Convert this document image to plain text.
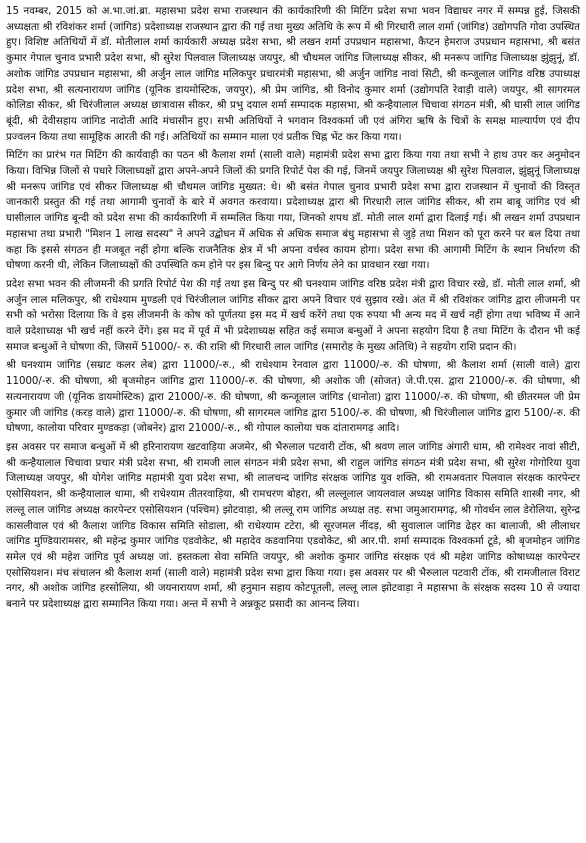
15 नवम्बर, 2015 को अ.भा.जां.ब्रा. महासभा प्रदेश सभा राजस्थान की कार्यकारिणी की मिटिंग प्रदेश सभा भवन विद्याधर नगर में सम्पन्न हुई, जिसकी अध्यक्षता श्री रविशंकर शर्मा (जांगिड) प्रदेशाध्यक्ष राजस्थान द्वारा की गई तथा मुख्य अतिथि के रूप में श्री गिरधारी लाल शर्मा (जांगिड) उद्योगपति गोवा उपस्थित हुए। विशिष्ट अतिथियों में डॉ. मोतीलाल शर्मा कार्यकारी अध्यक्ष प्रदेश सभा, श्री लखन शर्मा उपप्रधान महासभा, कैप्टन हेमराज उपप्रधान महासभा, श्री बसंत कुमार गेपाल चुनाव प्रभारी प्रदेश सभा, श्री सुरेश पिलवाल जिलाध्यक्ष जयपुर, श्री चौथमल जांगिड जिलाध्यक्ष सीकर, श्री मनरूप जांगिड जिलाध्यक्ष झुंझुनूं, डॉ. अशोक जांगिड उपप्रधान महासभा, श्री अर्जुन लाल जांगिड मलिकपुर प्रचारमंत्री महासभा, श्री अर्जुन जांगिड नावां सिटी, श्री कन्जूलाल जांगिड वरिष्ठ उपाध्यक्ष प्रदेश सभा, श्री सत्यनारायण जांगिड (यूनिक डायमोस्टिक, जयपुर), श्री प्रेम जांगिड, श्री विनोद कुमार शर्मा (उद्योगपति रेवाड़ी वाले) जयपुर, श्री सागरमल कोलिडा सीकर, श्री चिरंजीलाल अध्यक्ष छात्रावास सीकर, श्री प्रभु दयाल शर्मा सम्पादक महासभा, श्री कन्हैयालाल चिचावा संगठन मंत्री, श्री घासी लाल जांगिड बूंदी, श्री देवीसहाय जांगिड नादोती आदि मंचासीन हुए। सभी अतिथियों ने भगवान विश्वकर्मा जी एवं अंगिरा ऋषि के चित्रों के समक्ष माल्यार्पण एवं दीप प्रज्वलन किया तथा सामूहिक आरती की गई। अतिथियों का सम्मान माला एवं प्रतीक चिह्न भेंट कर किया गया।

मिटिंग का प्रारंभ गत मिटिंग की कार्यवाही का पठन श्री कैलाश शर्मा (साली वाले) महामंत्री प्रदेश सभा द्वारा किया गया तथा सभी ने हाथ उपर कर अनुमोदन किया। विभिन्न जिलों से पधारे जिलाध्यक्षों द्वारा अपने-अपने जिलों की प्रगति रिपोर्ट पेश की गई, जिनमें जयपुर जिलाध्यक्ष श्री सुरेश पिलवाल, झुंझुनूं जिलाध्यक्ष श्री मनरूप जांगिड एवं सीकर जिलाध्यक्ष श्री चौथमल जांगिड मुख्यत: थे। श्री बसंत गेपाल चुनाव प्रभारी प्रदेश सभा द्वारा राजस्थान में चुनावों की विस्तृत जानकारी प्रस्तुत की गई तथा आगामी चुनावों के बारे में अवगत करवाया। प्रदेशाध्यक्ष द्वारा श्री गिरधारी लाल जांगिड सीकर, श्री राम बाबू जांगिड एवं श्री घासीलाल जांगिड बून्दी को प्रदेश सभा की कार्यकारिणी में सम्मलित किया गया, जिनको शपथ डॉ. मोती लाल शर्मा द्वारा दिलाई गई। श्री लखन शर्मा उपप्रधान महासभा तथा प्रभारी "मिशन 1 लाख सदस्य" ने अपने उद्बोधन में अधिक से अधिक समाज बंधु महासभा से जुड़े तथा मिशन को पूरा करने पर बल दिया तथा कहा कि इससे संगठन ही मजबूत नहीं होगा बल्कि राजनैतिक क्षेत्र में भी अपना वर्चस्व कायम होगा। प्रदेश सभा की आगामी मिटिंग के स्थान निर्धारण की घोषणा करनी थी, लेकिन जिलाध्यक्षों की उपस्थिति कम होने पर इस बिन्दु पर आगे निर्णय लेने का प्रावधान रखा गया।

प्रदेश सभा भवन की लीजमनी की प्रगति रिपोर्ट पेश की गई तथा इस बिन्दु पर श्री घनश्याम जांगिड वरिष्ठ प्रदेश मंत्री द्वारा विचार रखे, डॉ. मोती लाल शर्मा, श्री अर्जुन लाल मलिकपुर, श्री राधेश्याम मुण्डली एवं चिरंजीलाल जांगिड सीकर द्वारा अपने विचार एवं सुझाव रखे। अंत में श्री रविशंकर जांगिड द्वारा लीजमनी पर सभी को भरोसा दिलाया कि वे इस लीजमनी के कोष को पूर्णतया इस मद में खर्च करेंगे तथा एक रुपया भी अन्य मद में खर्च नहीं होगा तथा भविष्य में आने वाले प्रदेशाध्यक्ष भी खर्च नहीं करने देंगे। इस मद में पूर्व में भी प्रदेशाध्यक्ष सहित कई समाज बन्धुओं ने अपना सहयोग दिया है तथा मिटिंग के दौरान भी कई समाज बन्धुओं ने घोषणा की, जिसमें 51000/- रु. की राशि श्री गिरधारी लाल जांगिड (समारोह के मुख्य अतिथि) ने सहयोग राशि प्रदान की।

श्री घनश्याम जांगिड (सम्राट कलर लेब) द्वारा 11000/-रु., श्री राधेश्याम रेनवाल द्वारा 11000/-रु. की घोषणा, श्री कैलाश शर्मा (साली वाले) द्वारा 11000/-रु. की घोषणा, श्री बृजमोहन जांगिड द्वारा 11000/-रु. की घोषणा, श्री अशोक जी (सोजत) जे.पी.एस. द्वारा 21000/-रु. की घोषणा, श्री सत्यनारायण जी (यूनिक डायमोस्टिक) द्वारा 21000/-रु. की घोषणा, श्री कन्जूलाल जांगिड (धानोता) द्वारा 11000/-रु. की घोषणा, श्री छीतरमल जी प्रेम कुमार जी जांगिड (करड़ वाले) द्वारा 11000/-रु. की घोषणा, श्री सागरमल जांगिड द्वारा 5100/-रु. की घोषणा, श्री चिरंजीलाल जांगिड द्वारा 5100/-रु. की घोषणा, कालोया परिवार मुण्डकड़ा (जोबनेर) द्वारा 21000/-रु., श्री गोपाल कालोया चक दांतारामगढ़ आदि।

इस अवसर पर समाज बन्धुओं में श्री हरिनारायण खटवाड़िया अजमेर, श्री भैरुलाल पटवारी टोंक, श्री श्रवण लाल जांगिड अंगारी धाम, श्री रामेश्वर नावां सीटी, श्री कन्हैयालाल चिचावा प्रचार मंत्री प्रदेश सभा, श्री रामजी लाल संगठन मंत्री प्रदेश सभा, श्री राहुल जांगिड संगठन मंत्री प्रदेश सभा, श्री सुरेश गोगोरिया युवा जिलाध्यक्ष जयपुर, श्री योगेश जांगिड महामंत्री युवा प्रदेश सभा, श्री लालचन्द जांगिड संरक्षक जांगिड युव शक्ति, श्री रामअवतार पिलवाल संरक्षक कारपेन्टर एसोसियशन, श्री कन्हैयालाल धामा, श्री राधेश्याम तीतरवाड़िया, श्री रामचरण बोहरा, श्री लल्लूलाल जायलवाल अध्यक्ष जांगिड विकास समिति शास्त्री नगर, श्री लल्लू लाल जांगिड अध्यक्ष कारपेन्टर एसोसियशन (पश्चिम) झोटवाड़ा, श्री लल्लू राम जांगिड अध्यक्ष तह. सभा जमुआरामगढ़, श्री गोवर्धन लाल डेरोलिया, सुरेन्द्र कासलीवाल एवं श्री कैलाश जांगिड विकास समिति सोडाला, श्री राधेश्याम टटेरा, श्री सूरजमल नींदड़, श्री सुवालाल जांगिड ढेहर का बालाजी, श्री लीलाधर जांगिड मुण्डियारामसर, श्री महेन्द्र कुमार जांगिड एडवोकेट, श्री महादेव कडवानिया एडवोकेट, श्री आर.पी. शर्मा सम्पादक विश्वकर्मा टूडे, श्री बृजमोहन जांगिड समेल एवं श्री महेश जांगिड पूर्व अध्यक्ष जां. हस्तकला सेवा समिति जयपुर, श्री अशोक कुमार जांगिड संरक्षक एवं श्री महेश जांगिड कोषाध्यक्ष कारपेन्टर एसोसियशन। मंच संचालन श्री कैलाश शर्मा (साली वाले) महामंत्री प्रदेश सभा द्वारा किया गया। इस अवसर पर श्री भैरुलाल पटवारी टोंक, श्री रामजीलाल विराट नगर, श्री अशोक जांगिड हरसोलिया, श्री जयनारायण शर्मा, श्री हनुमान सहाय कोटपूतली, लल्लू लाल झोटवाड़ा ने महासभा के संरक्षक सदस्य 10 से ज्यादा बनाने पर प्रदेशाध्यक्ष द्वारा सम्मानित किया गया। अन्त में सभी ने अन्नकूट प्रसादी का आनन्द लिया।
